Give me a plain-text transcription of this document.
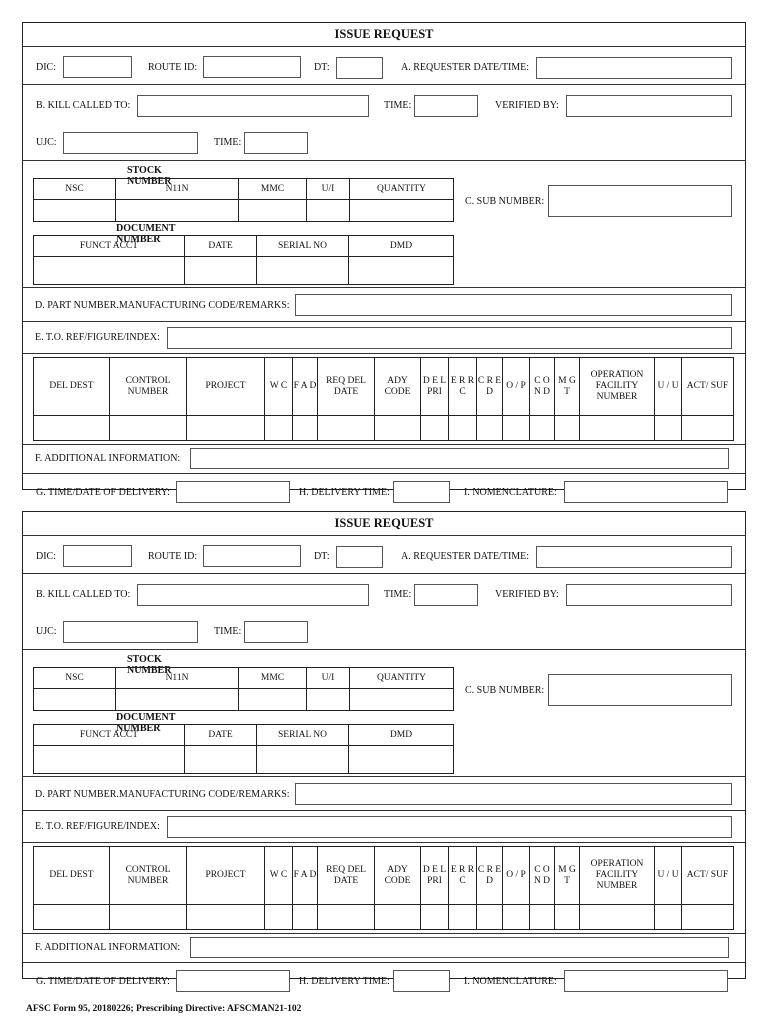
ISSUE REQUEST
DIC:	ROUTE ID:	DT:	A. REQUESTER DATE/TIME:
B. KILL CALLED TO:	TIME:	VERIFIED BY:
UJC:	TIME:
STOCK NUMBER
NSC	N11N	MMC	U/I	QUANTITY

C. SUB NUMBER:
DOCUMENT NUMBER
FUNCT ACCT	DATE	SERIAL NO	DMD

D. PART NUMBER.MANUFACTURING CODE/REMARKS:
E. T.O. REF/FIGURE/INDEX:
DEL DEST	CONTROL NUMBER	PROJECT	W C	F A D	REQ DEL DATE	ADY CODE	D E L PRI	E R R C	C R E D	O / P	C O N D	M G T	OPERATION FACILITY NUMBER	U / U	ACT/ SUF

F. ADDITIONAL INFORMATION:
G. TIME/DATE OF DELIVERY:	H. DELIVERY TIME:	I. NOMENCLATURE:
ISSUE REQUEST
DIC:	ROUTE ID:	DT:	A. REQUESTER DATE/TIME:
B. KILL CALLED TO:	TIME:	VERIFIED BY:
UJC:	TIME:
STOCK NUMBER
NSC	N11N	MMC	U/I	QUANTITY

C. SUB NUMBER:
DOCUMENT NUMBER
FUNCT ACCT	DATE	SERIAL NO	DMD

D. PART NUMBER.MANUFACTURING CODE/REMARKS:
E. T.O. REF/FIGURE/INDEX:
DEL DEST	CONTROL NUMBER	PROJECT	W C	F A D	REQ DEL DATE	ADY CODE	D E L PRI	E R R C	C R E D	O / P	C O N D	M G T	OPERATION FACILITY NUMBER	U / U	ACT/ SUF

F. ADDITIONAL INFORMATION:
G. TIME/DATE OF DELIVERY:	H. DELIVERY TIME:	I. NOMENCLATURE:
AFSC Form 95, 20180226; Prescribing Directive: AFSCMAN21-102
